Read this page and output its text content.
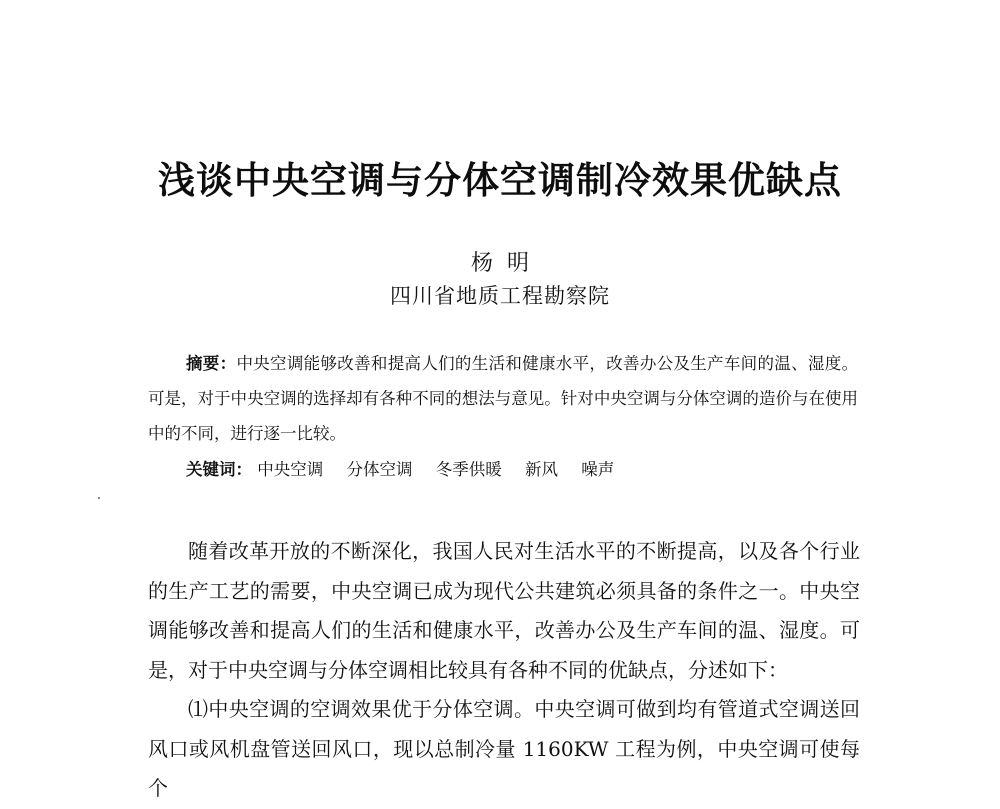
浅谈中央空调与分体空调制冷效果优缺点
杨明
四川省地质工程勘察院
摘要：中央空调能够改善和提高人们的生活和健康水平，改善办公及生产车间的温、湿度。可是，对于中央空调的选择却有各种不同的想法与意见。针对中央空调与分体空调的造价与在使用中的不同，进行逐一比较。
关键词： 中央空调 分体空调 冬季供暖 新风 噪声

随着改革开放的不断深化，我国人民对生活水平的不断提高，以及各个行业的生产工艺的需要，中央空调已成为现代公共建筑必须具备的条件之一。中央空调能够改善和提高人们的生活和健康水平，改善办公及生产车间的温、湿度。可是，对于中央空调与分体空调相比较具有各种不同的优缺点，分述如下：

⑴中央空调的空调效果优于分体空调。中央空调可做到均有管道式空调送回风口或风机盘管送回风口，现以总制冷量 1160KW 工程为例，中央空调可使每个
